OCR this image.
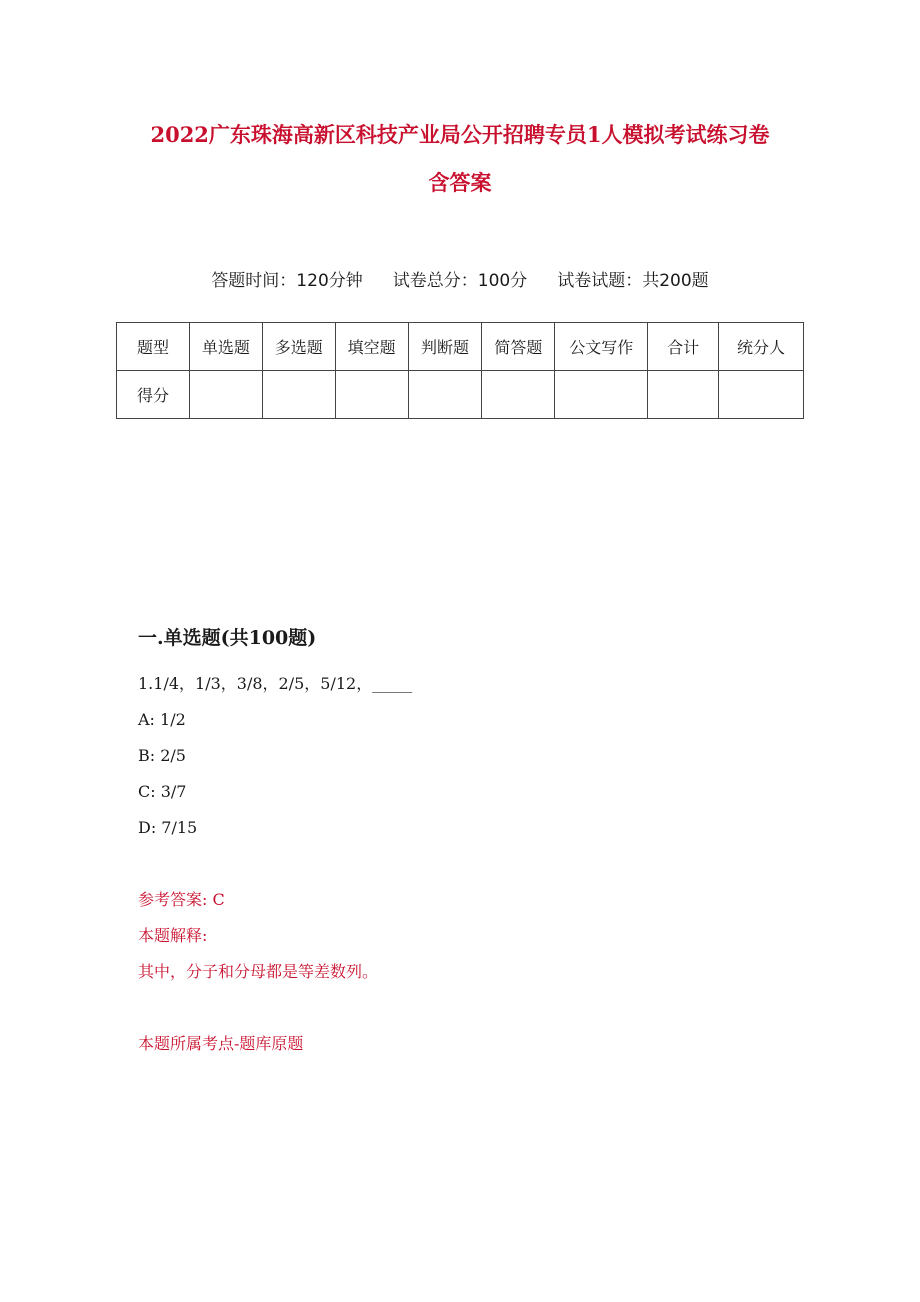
2022广东珠海高新区科技产业局公开招聘专员1人模拟考试练习卷
含答案
答题时间：120分钟 试卷总分：100分 试卷试题：共200题
题型	单选题	多选题	填空题	判断题	简答题	公文写作	合计	统分人
得分								
一.单选题(共100题)
1.1/4，1/3，3/8，2/5，5/12，_____
A: 1/2
B: 2/5
C: 3/7
D: 7/15
参考答案: C
本题解释:
其中，分子和分母都是等差数列。
本题所属考点-题库原题
